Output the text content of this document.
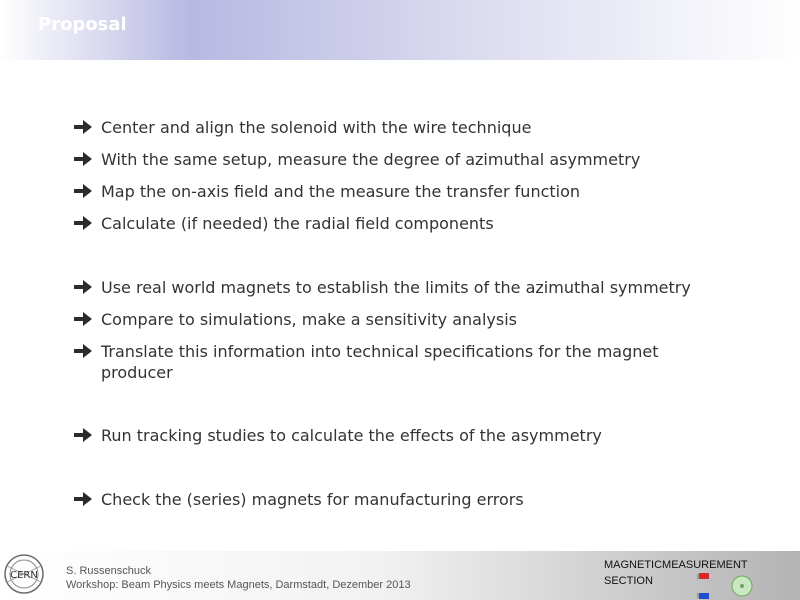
Proposal
Center and align the solenoid with the wire technique
With the same setup, measure the degree of azimuthal asymmetry
Map the on-axis field and the measure the transfer function
Calculate (if needed) the radial field components
Use real world magnets to establish the limits of the azimuthal symmetry
Compare to simulations, make a sensitivity analysis
Translate this information into technical specifications for the magnet producer
Run tracking studies to calculate the effects of the asymmetry
Check the (series) magnets for manufacturing errors
CERN	S. Russenschuck
Workshop: Beam Physics meets Magnets, Darmstadt, Dezember 2013
MAGNETICMEASUREMENT
SECTION
